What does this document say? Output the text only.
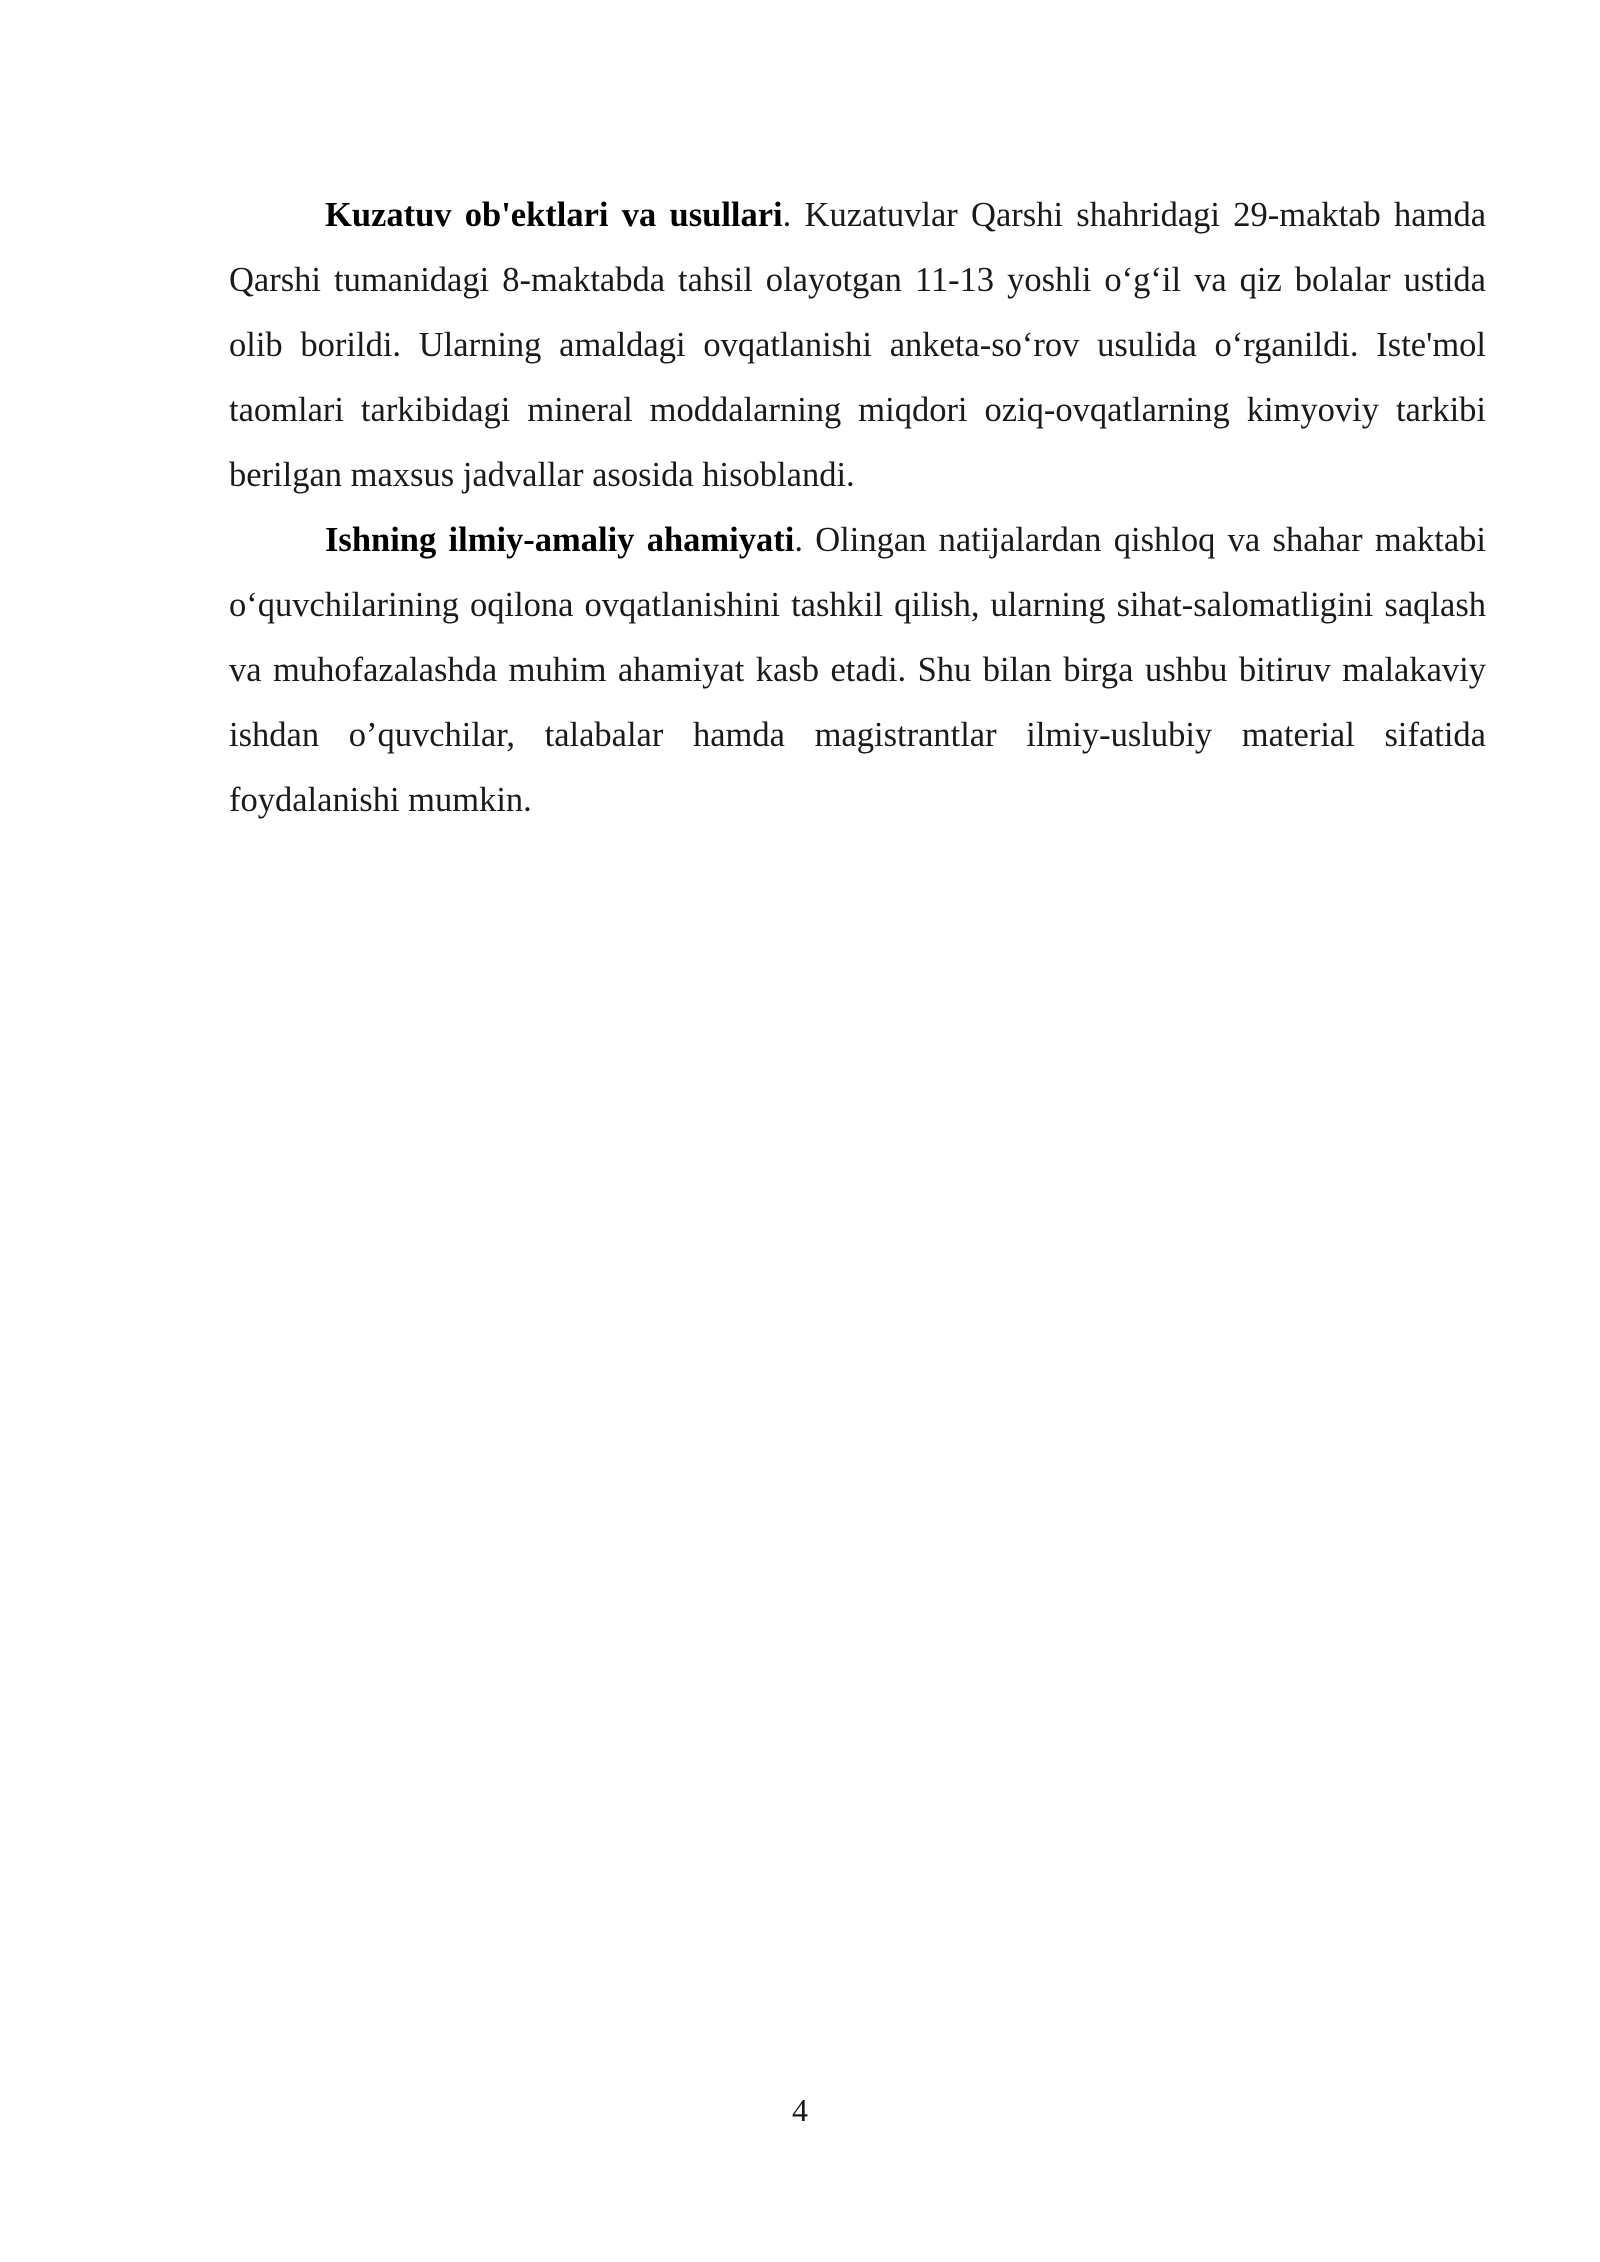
Kuzatuv ob'ektlari va usullari. Kuzatuvlar Qarshi shahridagi 29-maktab hamda Qarshi tumanidagi 8-maktabda tahsil olayotgan 11-13 yoshli o‘g‘il va qiz bolalar ustida olib borildi. Ularning amaldagi ovqatlanishi anketa-so‘rov usulida o‘rganildi. Iste'mol taomlari tarkibidagi mineral moddalarning miqdori oziq-ovqatlarning kimyoviy tarkibi berilgan maxsus jadvallar asosida hisoblandi.

Ishning ilmiy-amaliy ahamiyati. Olingan natijalardan qishloq va shahar maktabi o‘quvchilarining oqilona ovqatlanishini tashkil qilish, ularning sihat-salomatligini saqlash va muhofazalashda muhim ahamiyat kasb etadi. Shu bilan birga ushbu bitiruv malakaviy ishdan o’quvchilar, talabalar hamda magistrantlar ilmiy-uslubiy material sifatida foydalanishi mumkin.

4
